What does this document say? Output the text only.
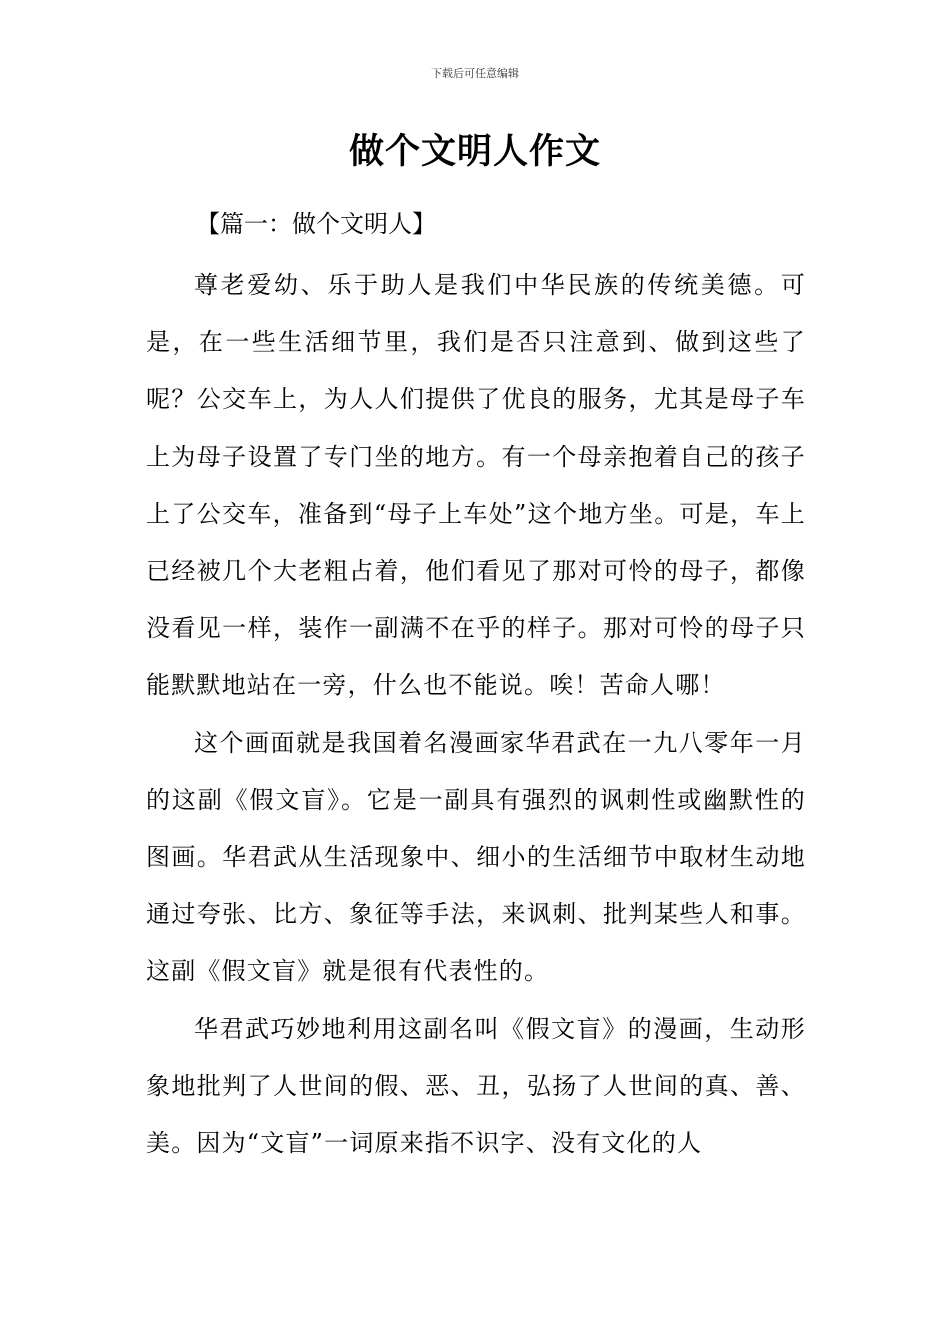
下载后可任意编辑
做个文明人作文
【篇一：做个文明人】

尊老爱幼、乐于助人是我们中华民族的传统美德。可是，在一些生活细节里，我们是否只注意到、做到这些了呢？公交车上，为人人们提供了优良的服务，尤其是母子车上为母子设置了专门坐的地方。有一个母亲抱着自己的孩子上了公交车，准备到“母子上车处”这个地方坐。可是，车上已经被几个大老粗占着，他们看见了那对可怜的母子，都像没看见一样，装作一副满不在乎的样子。那对可怜的母子只能默默地站在一旁，什么也不能说。唉！苦命人哪！

这个画面就是我国着名漫画家华君武在一九八零年一月的这副《假文盲》。它是一副具有强烈的讽刺性或幽默性的图画。华君武从生活现象中、细小的生活细节中取材生动地通过夸张、比方、象征等手法，来讽刺、批判某些人和事。这副《假文盲》就是很有代表性的。

华君武巧妙地利用这副名叫《假文盲》的漫画，生动形象地批判了人世间的假、恶、丑，弘扬了人世间的真、善、美。因为“文盲”一词原来指不识字、没有文化的人
